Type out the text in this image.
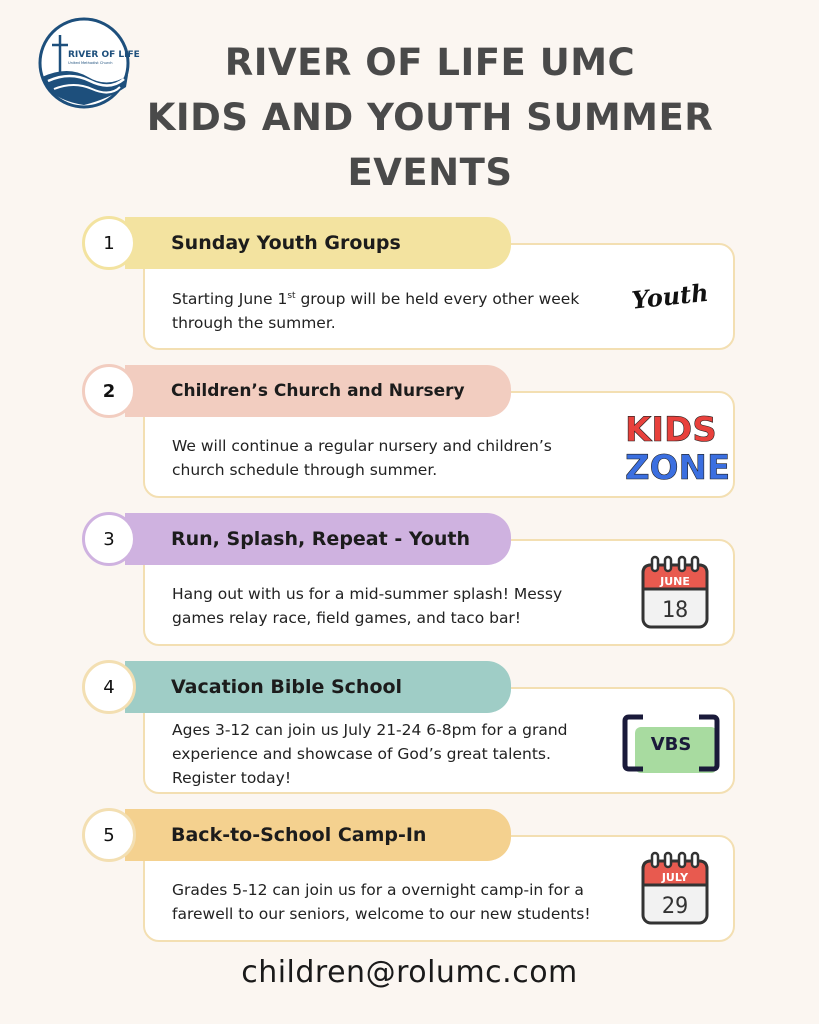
RIVER OF LIFE
United Methodist Church	RIVER OF LIFE UMC
KIDS AND YOUTH SUMMER
EVENTS
Starting June 1st group will be held every other week through the summer.
Youth
Sunday Youth Groups
1
We will continue a regular nursery and children’s church schedule through summer.
KIDS
ZONE
Children’s Church and Nursery
2
Hang out with us for a mid-summer splash! Messy games relay race, field games, and taco bar!
JUNE
18
Run, Splash, Repeat - Youth
3
Ages 3-12 can join us July 21-24 6-8pm for a grand experience and showcase of God’s great talents. Register today!
VBS
Vacation Bible School
4
Grades 5-12 can join us for a overnight camp-in for a farewell to our seniors, welcome to our new students!
JULY
29
Back-to-School Camp-In
5
children@rolumc.com
